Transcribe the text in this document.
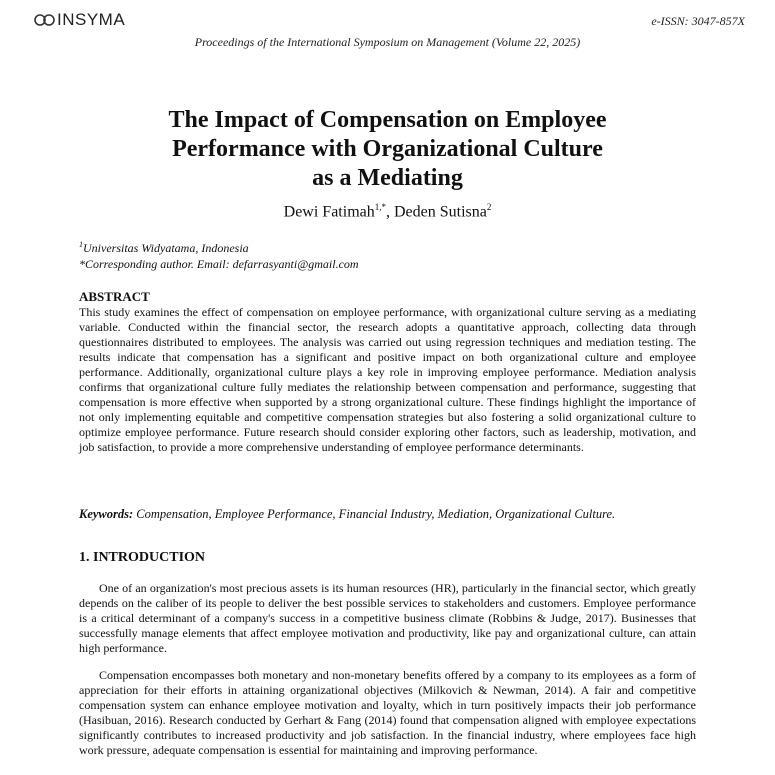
INSYMA	e-ISSN: 3047-857X
Proceedings of the International Symposium on Management (Volume 22, 2025)
The Impact of Compensation on Employee
Performance with Organizational Culture
as a Mediating
Dewi Fatimah$^{1,*}$, Deden Sutisna$^2$
$^1$Universitas Widyatama, Indonesia
*Corresponding author. Email: defarrasyanti@gmail.com
ABSTRACT
This study examines the effect of compensation on employee performance, with organizational culture serving as a mediating variable. Conducted within the financial sector, the research adopts a quantitative approach, collecting data through questionnaires distributed to employees. The analysis was carried out using regression techniques and mediation testing. The results indicate that compensation has a significant and positive impact on both organizational culture and employee performance. Additionally, organizational culture plays a key role in improving employee performance. Mediation analysis confirms that organizational culture fully mediates the relationship between compensation and performance, suggesting that compensation is more effective when supported by a strong organizational culture. These findings highlight the importance of not only implementing equitable and competitive compensation strategies but also fostering a solid organizational culture to optimize employee performance. Future research should consider exploring other factors, such as leadership, motivation, and job satisfaction, to provide a more comprehensive understanding of employee performance determinants.
Keywords: Compensation, Employee Performance, Financial Industry, Mediation, Organizational Culture.
1. INTRODUCTION
One of an organization's most precious assets is its human resources (HR), particularly in the financial sector, which greatly depends on the caliber of its people to deliver the best possible services to stakeholders and customers. Employee performance is a critical determinant of a company's success in a competitive business climate (Robbins & Judge, 2017). Businesses that successfully manage elements that affect employee motivation and productivity, like pay and organizational culture, can attain high performance.
Compensation encompasses both monetary and non-monetary benefits offered by a company to its employees as a form of appreciation for their efforts in attaining organizational objectives (Milkovich & Newman, 2014). A fair and competitive compensation system can enhance employee motivation and loyalty, which in turn positively impacts their job performance (Hasibuan, 2016). Research conducted by Gerhart & Fang (2014) found that compensation aligned with employee expectations significantly contributes to increased productivity and job satisfaction. In the financial industry, where employees face high work pressure, adequate compensation is essential for maintaining and improving performance.
